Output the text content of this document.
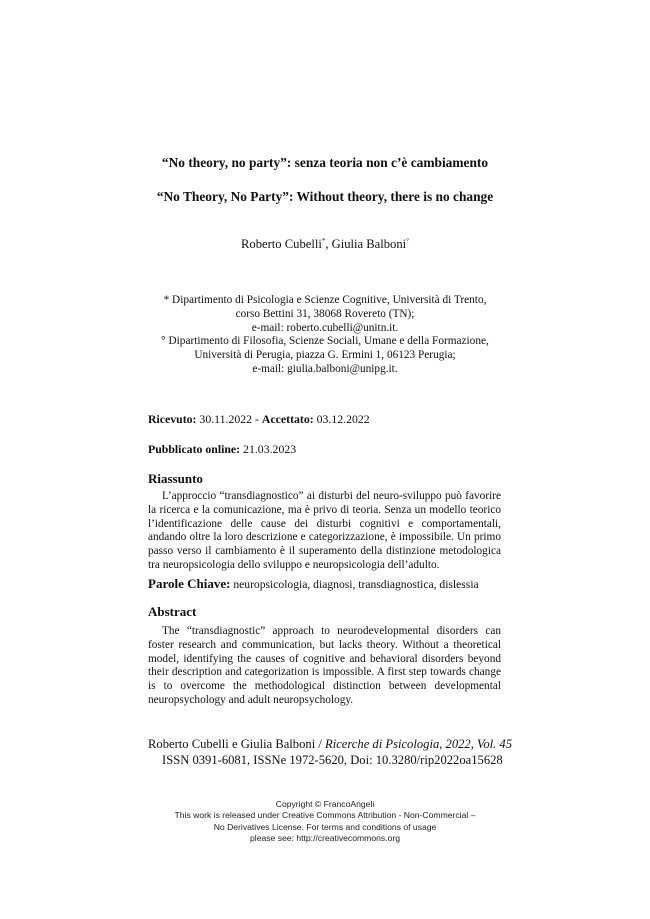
“No theory, no party”: senza teoria non c’è cambiamento
“No Theory, No Party”: Without theory, there is no change
Roberto Cubelli*, Giulia Balboni°
* Dipartimento di Psicologia e Scienze Cognitive, Università di Trento,
corso Bettini 31, 38068 Rovereto (TN);
e-mail: roberto.cubelli@unitn.it.
° Dipartimento di Filosofia, Scienze Sociali, Umane e della Formazione,
Università di Perugia, piazza G. Ermini 1, 06123 Perugia;
e-mail: giulia.balboni@unipg.it.
Ricevuto: 30.11.2022 - Accettato: 03.12.2022
Pubblicato online: 21.03.2023
Riassunto
L’approccio “transdiagnostico” ai disturbi del neuro-sviluppo può favorire la ricerca e la comunicazione, ma è privo di teoria. Senza un modello teorico l’identificazione delle cause dei disturbi cognitivi e comportamentali, andando oltre la loro descrizione e categorizzazione, è impossibile. Un primo passo verso il cambiamento è il superamento della distinzione metodologica tra neuropsicologia dello sviluppo e neuropsicologia dell’adulto.
Parole Chiave: neuropsicologia, diagnosi, transdiagnostica, dislessia
Abstract
The “transdiagnostic” approach to neurodevelopmental disorders can foster research and communication, but lacks theory. Without a theoretical model, identifying the causes of cognitive and behavioral disorders beyond their description and categorization is impossible. A first step towards change is to overcome the methodological distinction between developmental neuropsychology and adult neuropsychology.
Roberto Cubelli e Giulia Balboni / Ricerche di Psicologia, 2022, Vol. 45
ISSN 0391-6081, ISSNe 1972-5620, Doi: 10.3280/rip2022oa15628
Copyright © FrancoAngeli
This work is released under Creative Commons Attribution - Non-Commercial –
No Derivatives License. For terms and conditions of usage
please see: http://creativecommons.org
